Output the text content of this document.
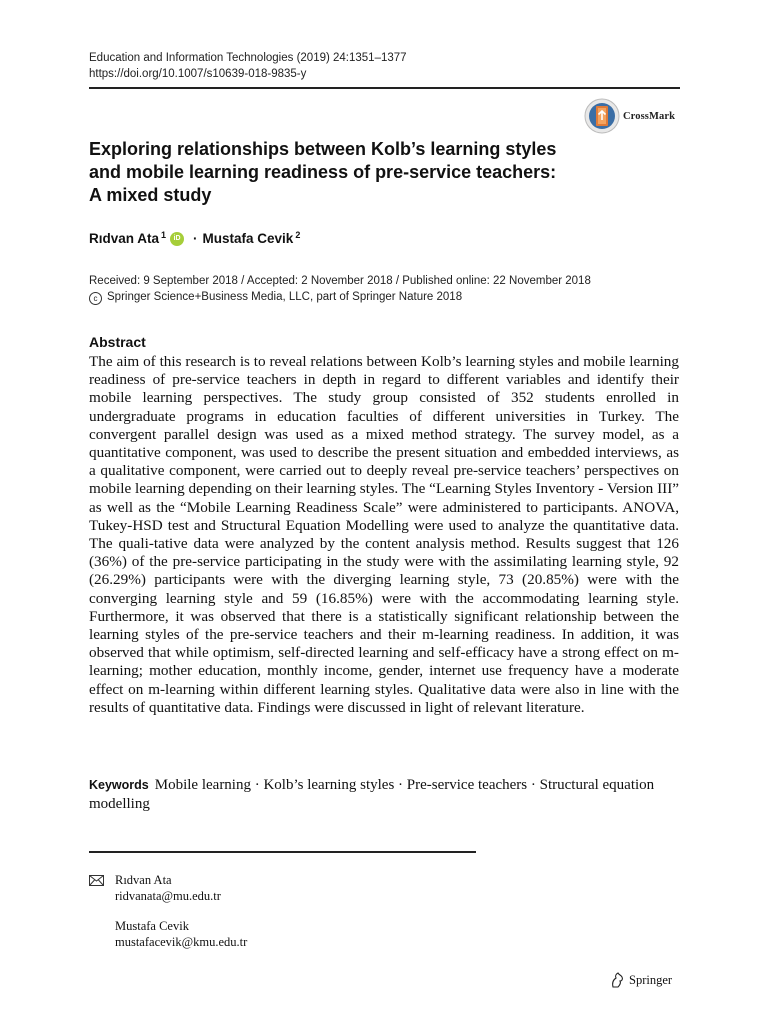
Education and Information Technologies (2019) 24:1351–1377
https://doi.org/10.1007/s10639-018-9835-y
CrossMark
Exploring relationships between Kolb’s learning styles
and mobile learning readiness of pre-service teachers:
A mixed study
Rıdvan Ata$^1$	iD · Mustafa Cevik$^2$
Received: 9 September 2018 / Accepted: 2 November 2018 / Published online: 22 November 2018
c Springer Science+Business Media, LLC, part of Springer Nature 2018
Abstract
The aim of this research is to reveal relations between Kolb’s learning styles and mobile learning readiness of pre-service teachers in depth in regard to different variables and identify their mobile learning perspectives. The study group consisted of 352 students enrolled in undergraduate programs in education faculties of different universities in Turkey. The convergent parallel design was used as a mixed method strategy. The survey model, as a quantitative component, was used to describe the present situation and embedded interviews, as a qualitative component, were carried out to deeply reveal pre-service teachers’ perspectives on mobile learning depending on their learning styles. The “Learning Styles Inventory - Version III” as well as the “Mobile Learning Readiness Scale” were administered to participants. ANOVA, Tukey-HSD test and Structural Equation Modelling were used to analyze the quantitative data. The quali-tative data were analyzed by the content analysis method. Results suggest that 126 (36%) of the pre-service participating in the study were with the assimilating learning style, 92 (26.29%) participants were with the diverging learning style, 73 (20.85%) were with the converging learning style and 59 (16.85%) were with the accommodating learning style. Furthermore, it was observed that there is a statistically significant relationship between the learning styles of the pre-service teachers and their m-learning readiness. In addition, it was observed that while optimism, self-directed learning and self-efficacy have a strong effect on m-learning; mother education, monthly income, gender, internet use frequency have a moderate effect on m-learning within different learning styles. Qualitative data were also in line with the results of quantitative data. Findings were discussed in light of relevant literature.
Keywords Mobile learning · Kolb’s learning styles · Pre-service teachers · Structural equation modelling
Rıdvan Ata
ridvanata@mu.edu.tr
Mustafa Cevik
mustafacevik@kmu.edu.tr
Springer
